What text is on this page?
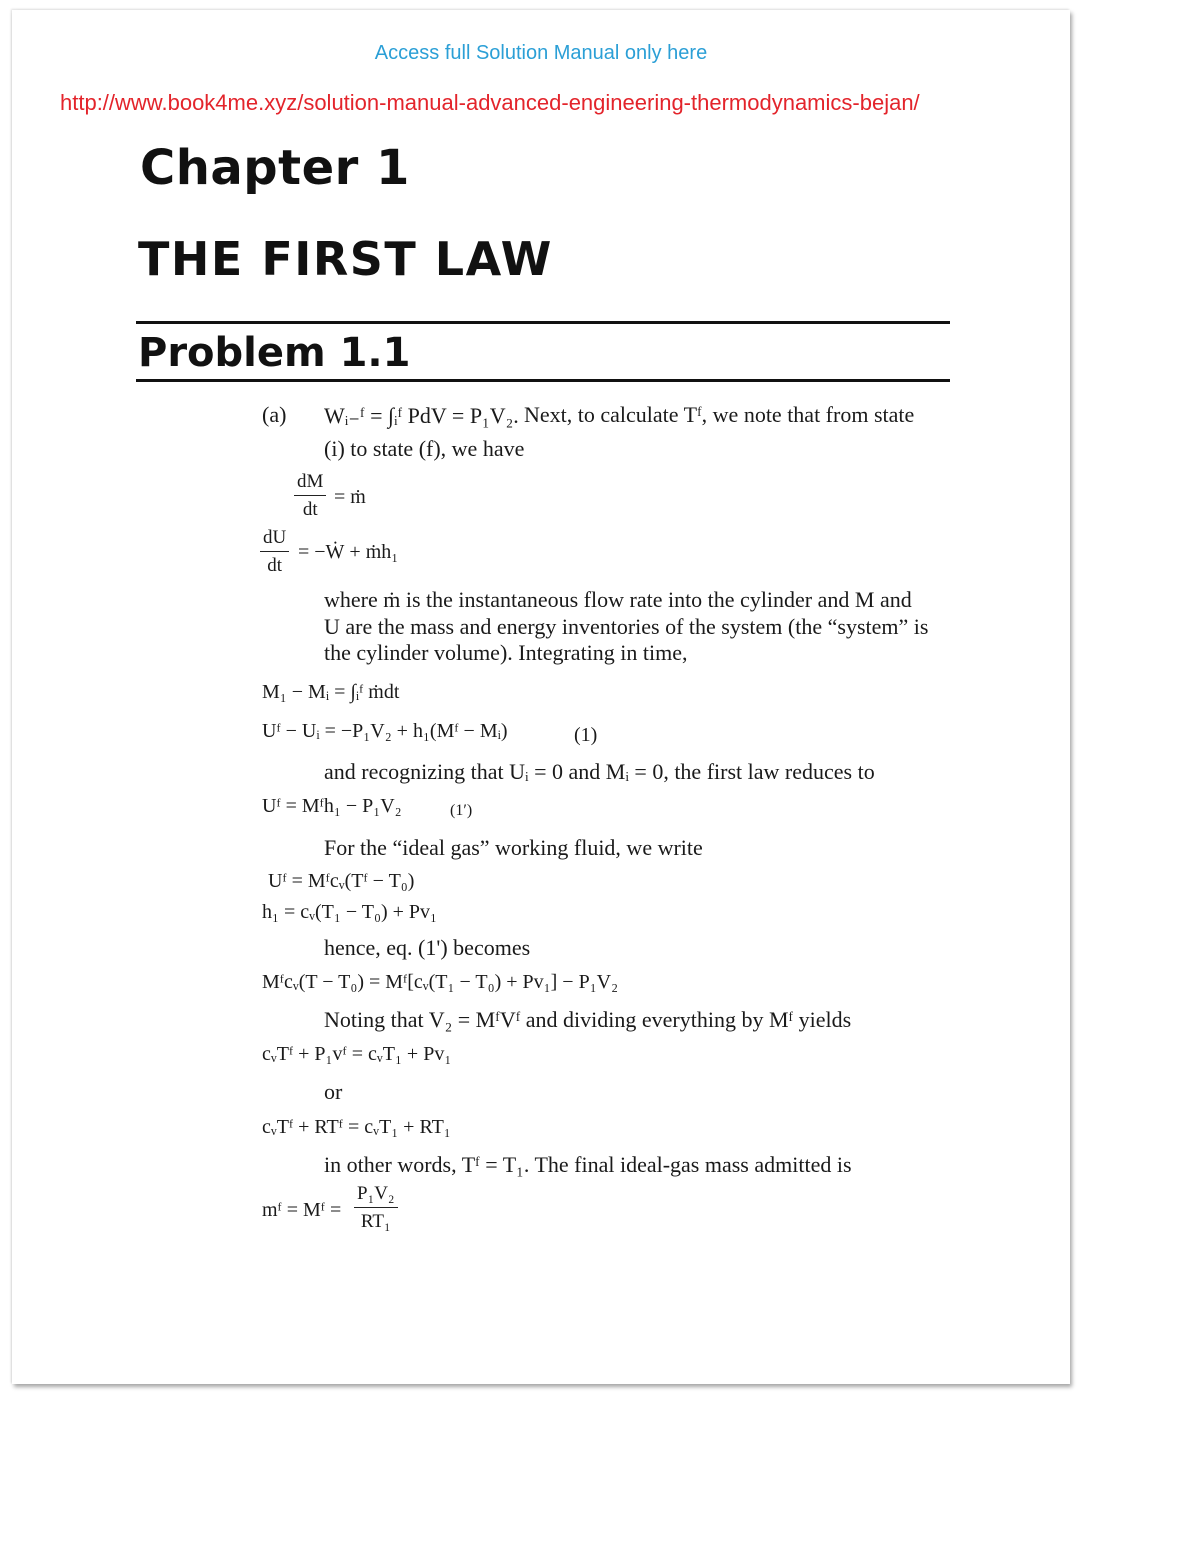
Access full Solution Manual only here
http://www.book4me.xyz/solution-manual-advanced-engineering-thermodynamics-bejan/
Chapter 1
THE FIRST LAW
Problem 1.1
(a) Wᵢ₋ᶠ = ∫ᵢᶠ PdV = P₁V₂. Next, to calculate Tᶠ, we note that from state
(i) to state (f), we have
$\frac{dM}{dt}$ = ṁ
$\frac{dU}{dt}$ = −Ẇ + ṁh₁
where ṁ is the instantaneous flow rate into the cylinder and M and
U are the mass and energy inventories of the system (the “system” is
the cylinder volume). Integrating in time,
M₁ − Mᵢ = ∫ᵢᶠ ṁdt
Uᶠ − Uᵢ = −P₁V₂ + h₁(Mᶠ − Mᵢ)	(1)
and recognizing that Uᵢ = 0 and Mᵢ = 0, the first law reduces to
Uᶠ = Mᶠh₁ − P₁V₂	(1′)
For the “ideal gas” working fluid, we write
Uᶠ = Mᶠcᵥ(Tᶠ − T₀)
h₁ = cᵥ(T₁ − T₀) + Pv₁
hence, eq. (1') becomes
Mᶠcᵥ(T − T₀) = Mᶠ[cᵥ(T₁ − T₀) + Pv₁] − P₁V₂
Noting that V₂ = MᶠVᶠ and dividing everything by Mᶠ yields
cᵥTᶠ + P₁vᶠ = cᵥT₁ + Pv₁
or
cᵥTᶠ + RTᶠ = cᵥT₁ + RT₁
in other words, Tᶠ = T₁. The final ideal-gas mass admitted is
mᶠ = Mᶠ = $\frac{\text{P₁V₂}}{\text{RT₁}}$
